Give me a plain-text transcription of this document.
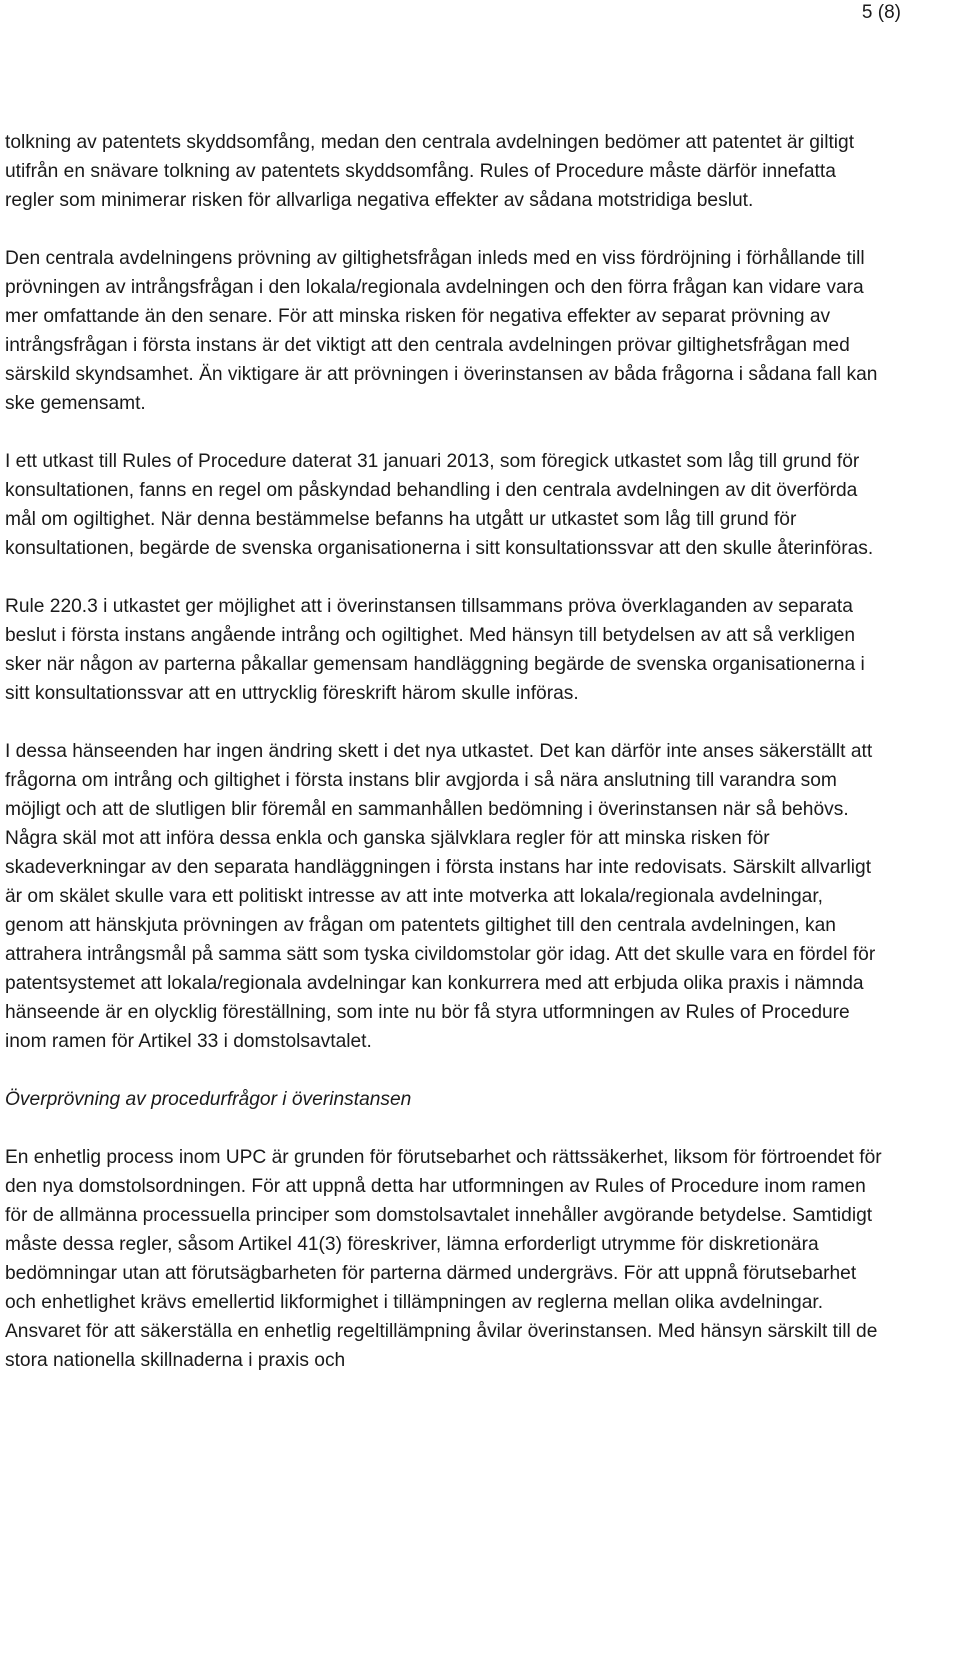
5 (8)

tolkning av patentets skyddsomfång, medan den centrala avdelningen bedömer att patentet är giltigt utifrån en snävare tolkning av patentets skyddsomfång. Rules of Procedure måste därför innefatta regler som minimerar risken för allvarliga negativa effekter av sådana motstridiga beslut.

Den centrala avdelningens prövning av giltighetsfrågan inleds med en viss fördröjning i förhållande till prövningen av intrångsfrågan i den lokala/regionala avdelningen och den förra frågan kan vidare vara mer omfattande än den senare. För att minska risken för negativa effekter av separat prövning av intrångsfrågan i första instans är det viktigt att den centrala avdelningen prövar giltighetsfrågan med särskild skyndsamhet. Än viktigare är att prövningen i överinstansen av båda frågorna i sådana fall kan ske gemensamt.

I ett utkast till Rules of Procedure daterat 31 januari 2013, som föregick utkastet som låg till grund för konsultationen, fanns en regel om påskyndad behandling i den centrala avdelningen av dit överförda mål om ogiltighet. När denna bestämmelse befanns ha utgått ur utkastet som låg till grund för konsultationen, begärde de svenska organisationerna i sitt konsultationssvar att den skulle återinföras.

Rule 220.3 i utkastet ger möjlighet att i överinstansen tillsammans pröva överklaganden av separata beslut i första instans angående intrång och ogiltighet. Med hänsyn till betydelsen av att så verkligen sker när någon av parterna påkallar gemensam handläggning begärde de svenska organisationerna i sitt konsultationssvar att en uttrycklig föreskrift härom skulle införas.

I dessa hänseenden har ingen ändring skett i det nya utkastet. Det kan därför inte anses säkerställt att frågorna om intrång och giltighet i första instans blir avgjorda i så nära anslutning till varandra som möjligt och att de slutligen blir föremål en sammanhållen bedömning i överinstansen när så behövs. Några skäl mot att införa dessa enkla och ganska självklara regler för att minska risken för skadeverkningar av den separata handläggningen i första instans har inte redovisats. Särskilt allvarligt är om skälet skulle vara ett politiskt intresse av att inte motverka att lokala/regionala avdelningar, genom att hänskjuta prövningen av frågan om patentets giltighet till den centrala avdelningen, kan attrahera intrångsmål på samma sätt som tyska civildomstolar gör idag. Att det skulle vara en fördel för patentsystemet att lokala/regionala avdelningar kan konkurrera med att erbjuda olika praxis i nämnda hänseende är en olycklig föreställning, som inte nu bör få styra utformningen av Rules of Procedure inom ramen för Artikel 33 i domstolsavtalet.

Överprövning av procedurfrågor i överinstansen

En enhetlig process inom UPC är grunden för förutsebarhet och rättssäkerhet, liksom för förtroendet för den nya domstolsordningen. För att uppnå detta har utformningen av Rules of Procedure inom ramen för de allmänna processuella principer som domstolsavtalet innehåller avgörande betydelse. Samtidigt måste dessa regler, såsom Artikel 41(3) föreskriver, lämna erforderligt utrymme för diskretionära bedömningar utan att förutsägbarheten för parterna därmed undergrävs. För att uppnå förutsebarhet och enhetlighet krävs emellertid likformighet i tillämpningen av reglerna mellan olika avdelningar. Ansvaret för att säkerställa en enhetlig regeltillämpning åvilar överinstansen. Med hänsyn särskilt till de stora nationella skillnaderna i praxis och
